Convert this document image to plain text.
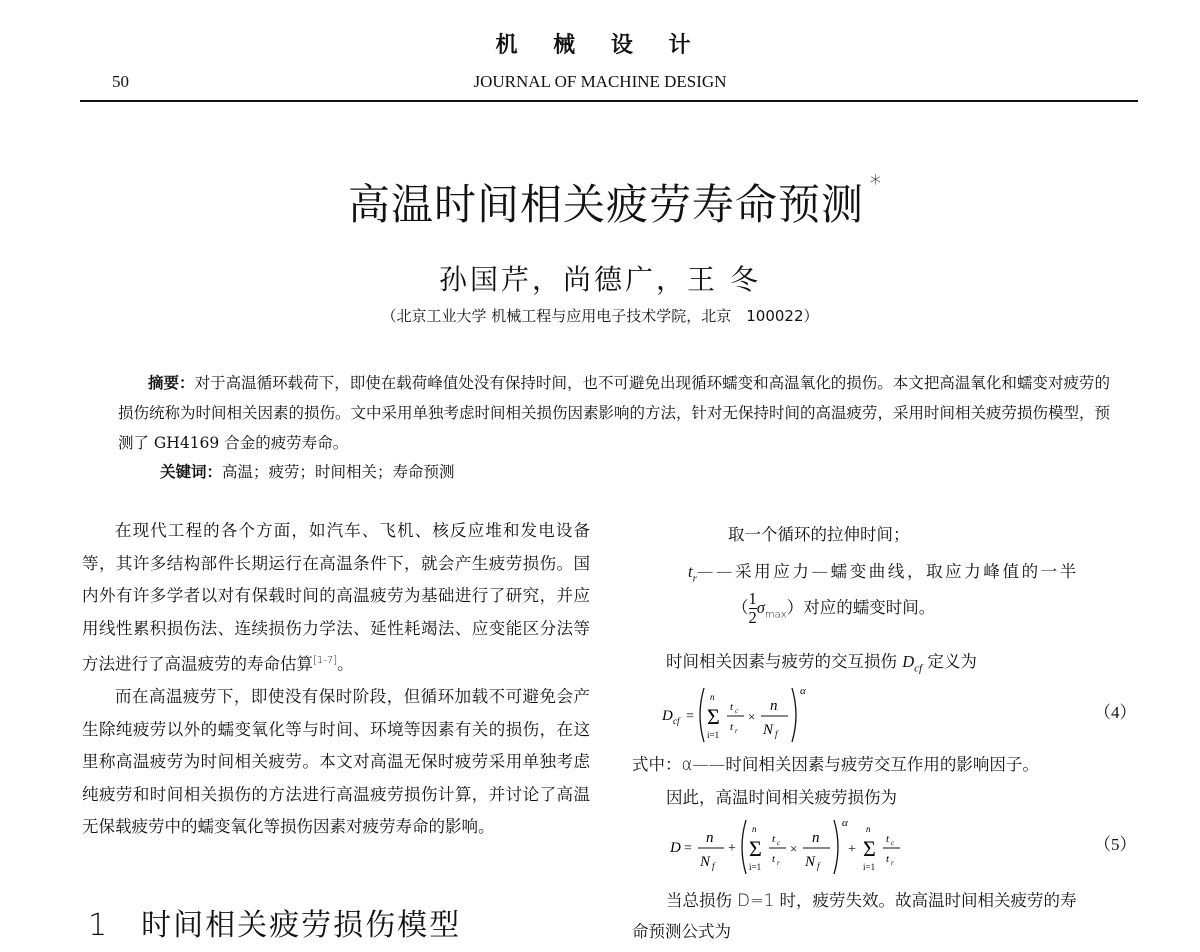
机 械 设 计
JOURNAL OF MACHINE DESIGN
50
高温时间相关疲劳寿命预测 *
孙国芹，尚德广，王 冬
（北京工业大学 机械工程与应用电子技术学院，北京　100022）
摘要：对于高温循环载荷下，即使在载荷峰值处没有保持时间，也不可避免出现循环蠕变和高温氧化的损伤。本文把高温氧化和蠕变对疲劳的损伤统称为时间相关因素的损伤。文中采用单独考虑时间相关损伤因素影响的方法，针对无保持时间的高温疲劳，采用时间相关疲劳损伤模型，预测了 GH4169 合金的疲劳寿命。
关键词：高温；疲劳；时间相关；寿命预测

在现代工程的各个方面，如汽车、飞机、核反应堆和发电设备等，其许多结构部件长期运行在高温条件下，就会产生疲劳损伤。国内外有许多学者以对有保载时间的高温疲劳为基础进行了研究，并应用线性累积损伤法、连续损伤力学法、延性耗竭法、应变能区分法等方法进行了高温疲劳的寿命估算[1-7]。

而在高温疲劳下，即使没有保时阶段，但循环加载不可避免会产生除纯疲劳以外的蠕变氧化等与时间、环境等因素有关的损伤，在这里称高温疲劳为时间相关疲劳。本文对高温无保时疲劳采用单独考虑纯疲劳和时间相关损伤的方法进行高温疲劳损伤计算，并讨论了高温无保载疲劳中的蠕变氧化等损伤因素对疲劳寿命的影响。

1　时间相关疲劳损伤模型
取一个循环的拉伸时间；
$t_r——$采用应力—蠕变曲线，取应力峰值的一半
（ $\frac{1}{2} \sigma_{max}$）对应的蠕变时间。
时间相关因素与疲劳的交互损伤 $D_{cf}$ 定义为
D cf =
n
Σ
i=1
t c
t r
×
n
N f
α
（4）
式中：α——时间相关因素与疲劳交互作用的影响因子。
因此，高温时间相关疲劳损伤为
D =
n
N f
+
n
Σ
i=1
t c
t r
×
n
N f
α
+
n
Σ
i=1
t c
t r
（5）
当总损伤 D=1 时，疲劳失效。故高温时间相关疲劳的寿
命预测公式为
